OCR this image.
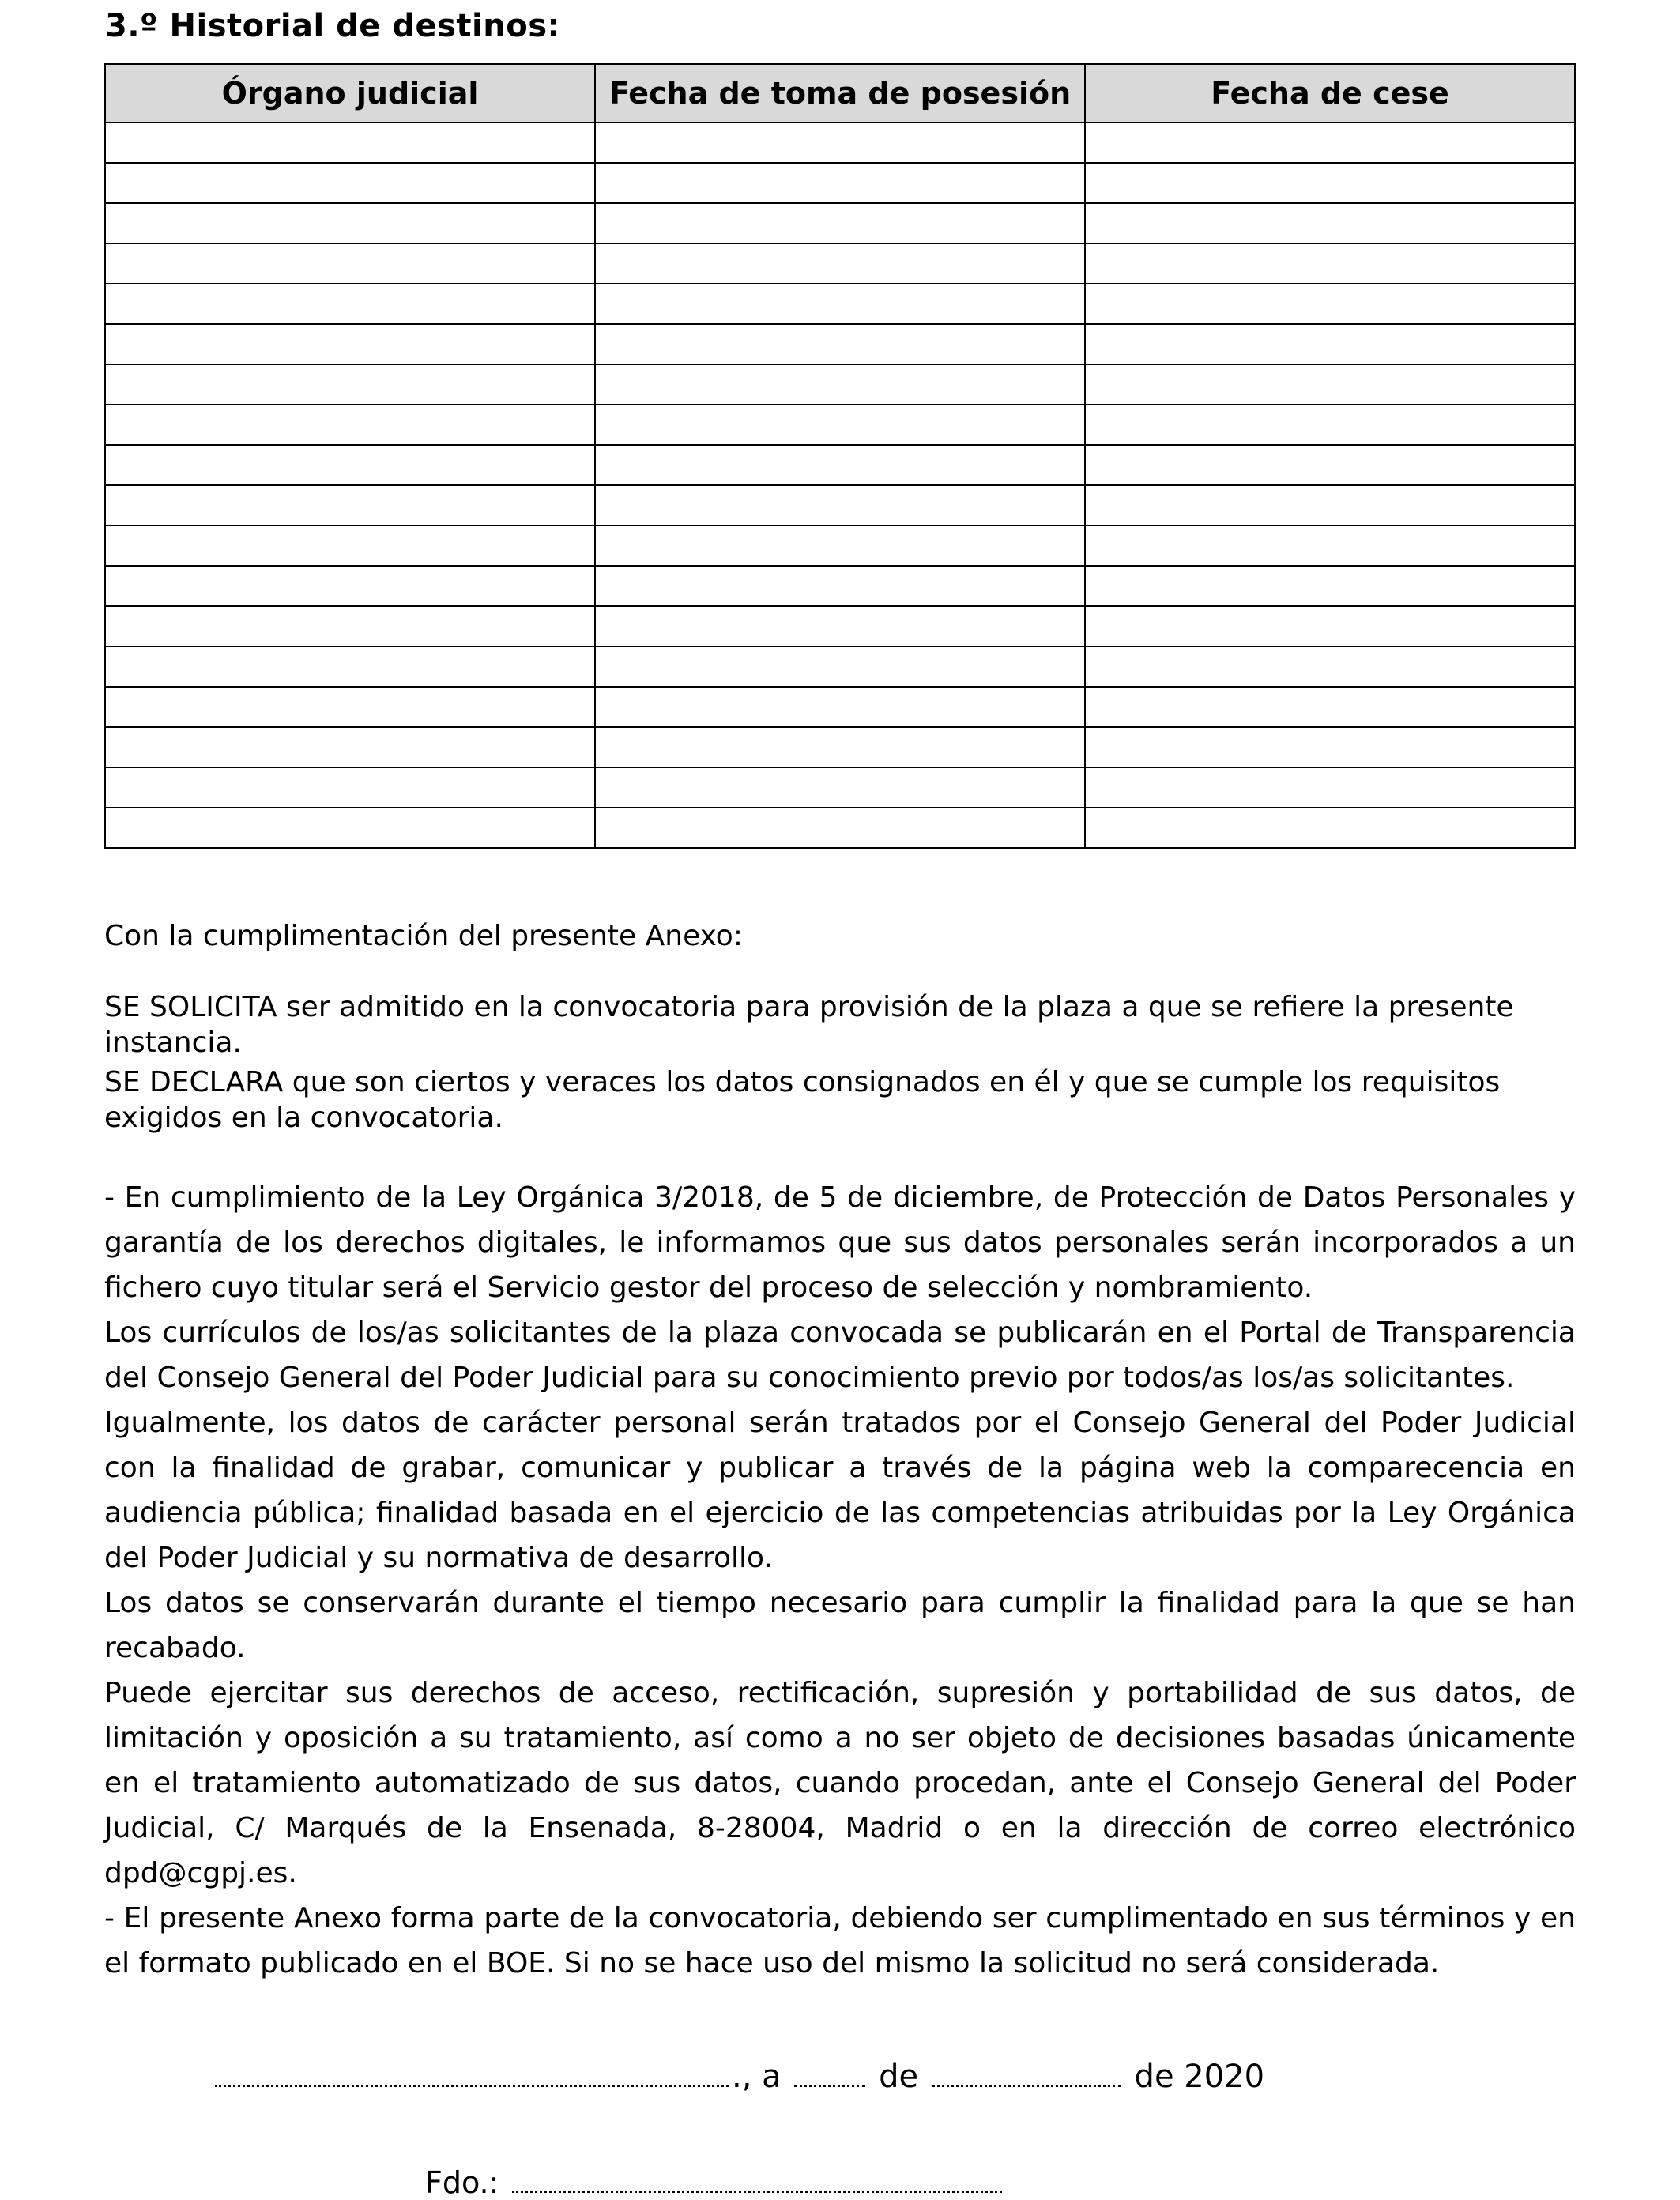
3.º Historial de destinos:
Órgano judicial	Fecha de toma de posesión	Fecha de cese

Con la cumplimentación del presente Anexo:
SE SOLICITA ser admitido en la convocatoria para provisión de la plaza a que se refiere la presente instancia.
SE DECLARA que son ciertos y veraces los datos consignados en él y que se cumple los requisitos exigidos en la convocatoria.

- En cumplimiento de la Ley Orgánica 3/2018, de 5 de diciembre, de Protección de Datos Personales y garantía de los derechos digitales, le informamos que sus datos personales serán incorporados a un fichero cuyo titular será el Servicio gestor del proceso de selección y nombramiento.

Los currículos de los/as solicitantes de la plaza convocada se publicarán en el Portal de Transparencia del Consejo General del Poder Judicial para su conocimiento previo por todos/as los/as solicitantes.

Igualmente, los datos de carácter personal serán tratados por el Consejo General del Poder Judicial con la finalidad de grabar, comunicar y publicar a través de la página web la comparecencia en audiencia pública; finalidad basada en el ejercicio de las competencias atribuidas por la Ley Orgánica del Poder Judicial y su normativa de desarrollo.

Los datos se conservarán durante el tiempo necesario para cumplir la finalidad para la que se han recabado.

Puede ejercitar sus derechos de acceso, rectificación, supresión y portabilidad de sus datos, de limitación y oposición a su tratamiento, así como a no ser objeto de decisiones basadas únicamente en el tratamiento automatizado de sus datos, cuando procedan, ante el Consejo General del Poder Judicial, C/ Marqués de la Ensenada, 8-28004, Madrid o en la dirección de correo electrónico dpd@cgpj.es.

- El presente Anexo forma parte de la convocatoria, debiendo ser cumplimentado en sus términos y en el formato publicado en el BOE. Si no se hace uso del mismo la solicitud no será considerada.

., a	de	de 2020
Fdo.:
